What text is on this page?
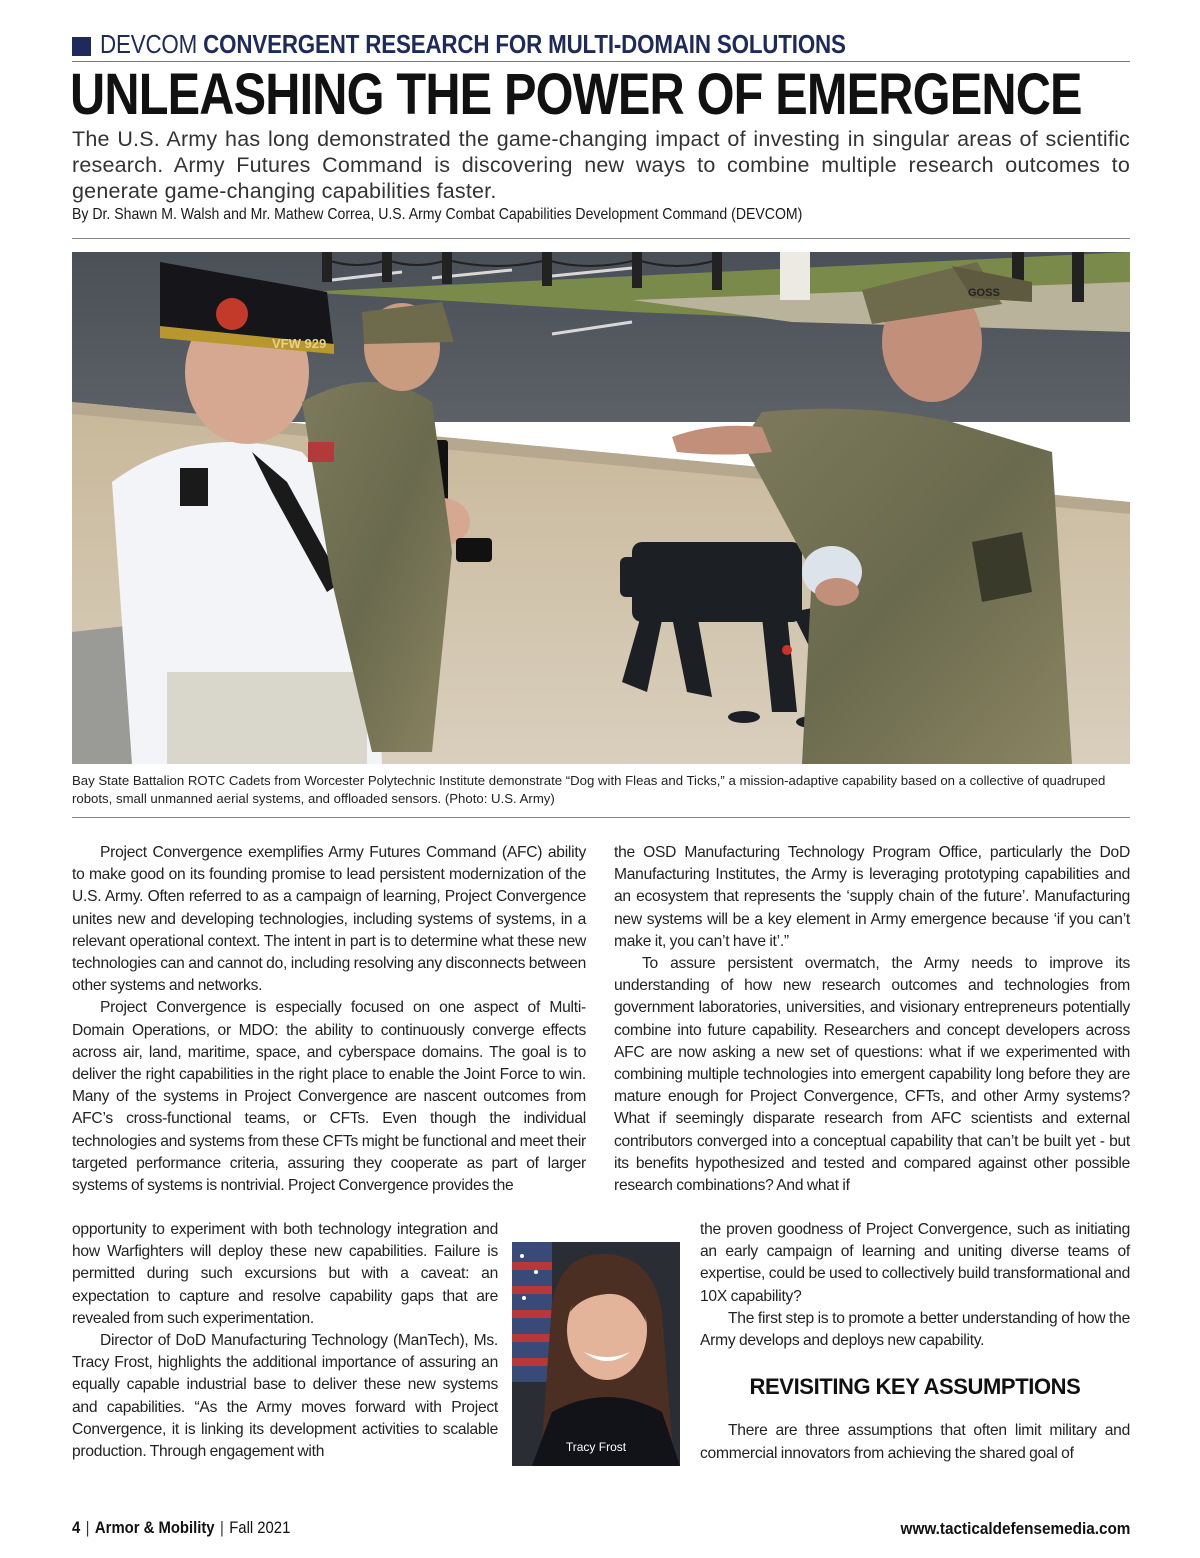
DEVCOM CONVERGENT RESEARCH FOR MULTI-DOMAIN SOLUTIONS
UNLEASHING THE POWER OF EMERGENCE

The U.S. Army has long demonstrated the game-changing impact of investing in singular areas of scientific research. Army Futures Command is discovering new ways to combine multiple research outcomes to generate game-changing capabilities faster.

By Dr. Shawn M. Walsh and Mr. Mathew Correa, U.S. Army Combat Capabilities Development Command (DEVCOM)
VFW 929
GOSS

Bay State Battalion ROTC Cadets from Worcester Polytechnic Institute demonstrate “Dog with Fleas and Ticks,” a mission-adaptive capability based on a collective of quadruped robots, small unmanned aerial systems, and offloaded sensors. (Photo: U.S. Army)

Project Convergence exemplifies Army Futures Command (AFC) ability to make good on its founding promise to lead persistent modernization of the U.S. Army. Often referred to as a campaign of learning, Project Convergence unites new and developing technologies, including systems of systems, in a relevant operational context. The intent in part is to determine what these new technologies can and cannot do, including resolving any disconnects between other systems and networks.

Project Convergence is especially focused on one aspect of Multi-Domain Operations, or MDO: the ability to continuously converge effects across air, land, maritime, space, and cyberspace domains. The goal is to deliver the right capabilities in the right place to enable the Joint Force to win. Many of the systems in Project Convergence are nascent outcomes from AFC’s cross-functional teams, or CFTs. Even though the individual technologies and systems from these CFTs might be functional and meet their targeted performance criteria, assuring they cooperate as part of larger systems of systems is nontrivial. Project Convergence provides the

opportunity to experiment with both technology integration and how Warfighters will deploy these new capabilities. Failure is permitted during such excursions but with a caveat: an expectation to capture and resolve capability gaps that are revealed from such experimentation.

Director of DoD Manufacturing Technology (ManTech), Ms. Tracy Frost, highlights the additional importance of assuring an equally capable industrial base to deliver these new systems and capabilities. “As the Army moves forward with Project Convergence, it is linking its development activities to scalable production. Through engagement with

the OSD Manufacturing Technology Program Office, particularly the DoD Manufacturing Institutes, the Army is leveraging prototyping capabilities and an ecosystem that represents the ‘supply chain of the future’. Manufacturing new systems will be a key element in Army emergence because ‘if you can’t make it, you can’t have it’.”

To assure persistent overmatch, the Army needs to improve its understanding of how new research outcomes and technologies from government laboratories, universities, and visionary entrepreneurs potentially combine into future capability. Researchers and concept developers across AFC are now asking a new set of questions: what if we experimented with combining multiple technologies into emergent capability long before they are mature enough for Project Convergence, CFTs, and other Army systems? What if seemingly disparate research from AFC scientists and external contributors converged into a conceptual capability that can’t be built yet - but its benefits hypothesized and tested and compared against other possible research combinations? And what if

the proven goodness of Project Convergence, such as initiating an early campaign of learning and uniting diverse teams of expertise, could be used to collectively build transformational and 10X capability?

The first step is to promote a better understanding of how the Army develops and deploys new capability.

REVISITING KEY ASSUMPTIONS

There are three assumptions that often limit military and commercial innovators from achieving the shared goal of

Tracy Frost
4 | Armor & Mobility | Fall 2021	www.tacticaldefensemedia.com
